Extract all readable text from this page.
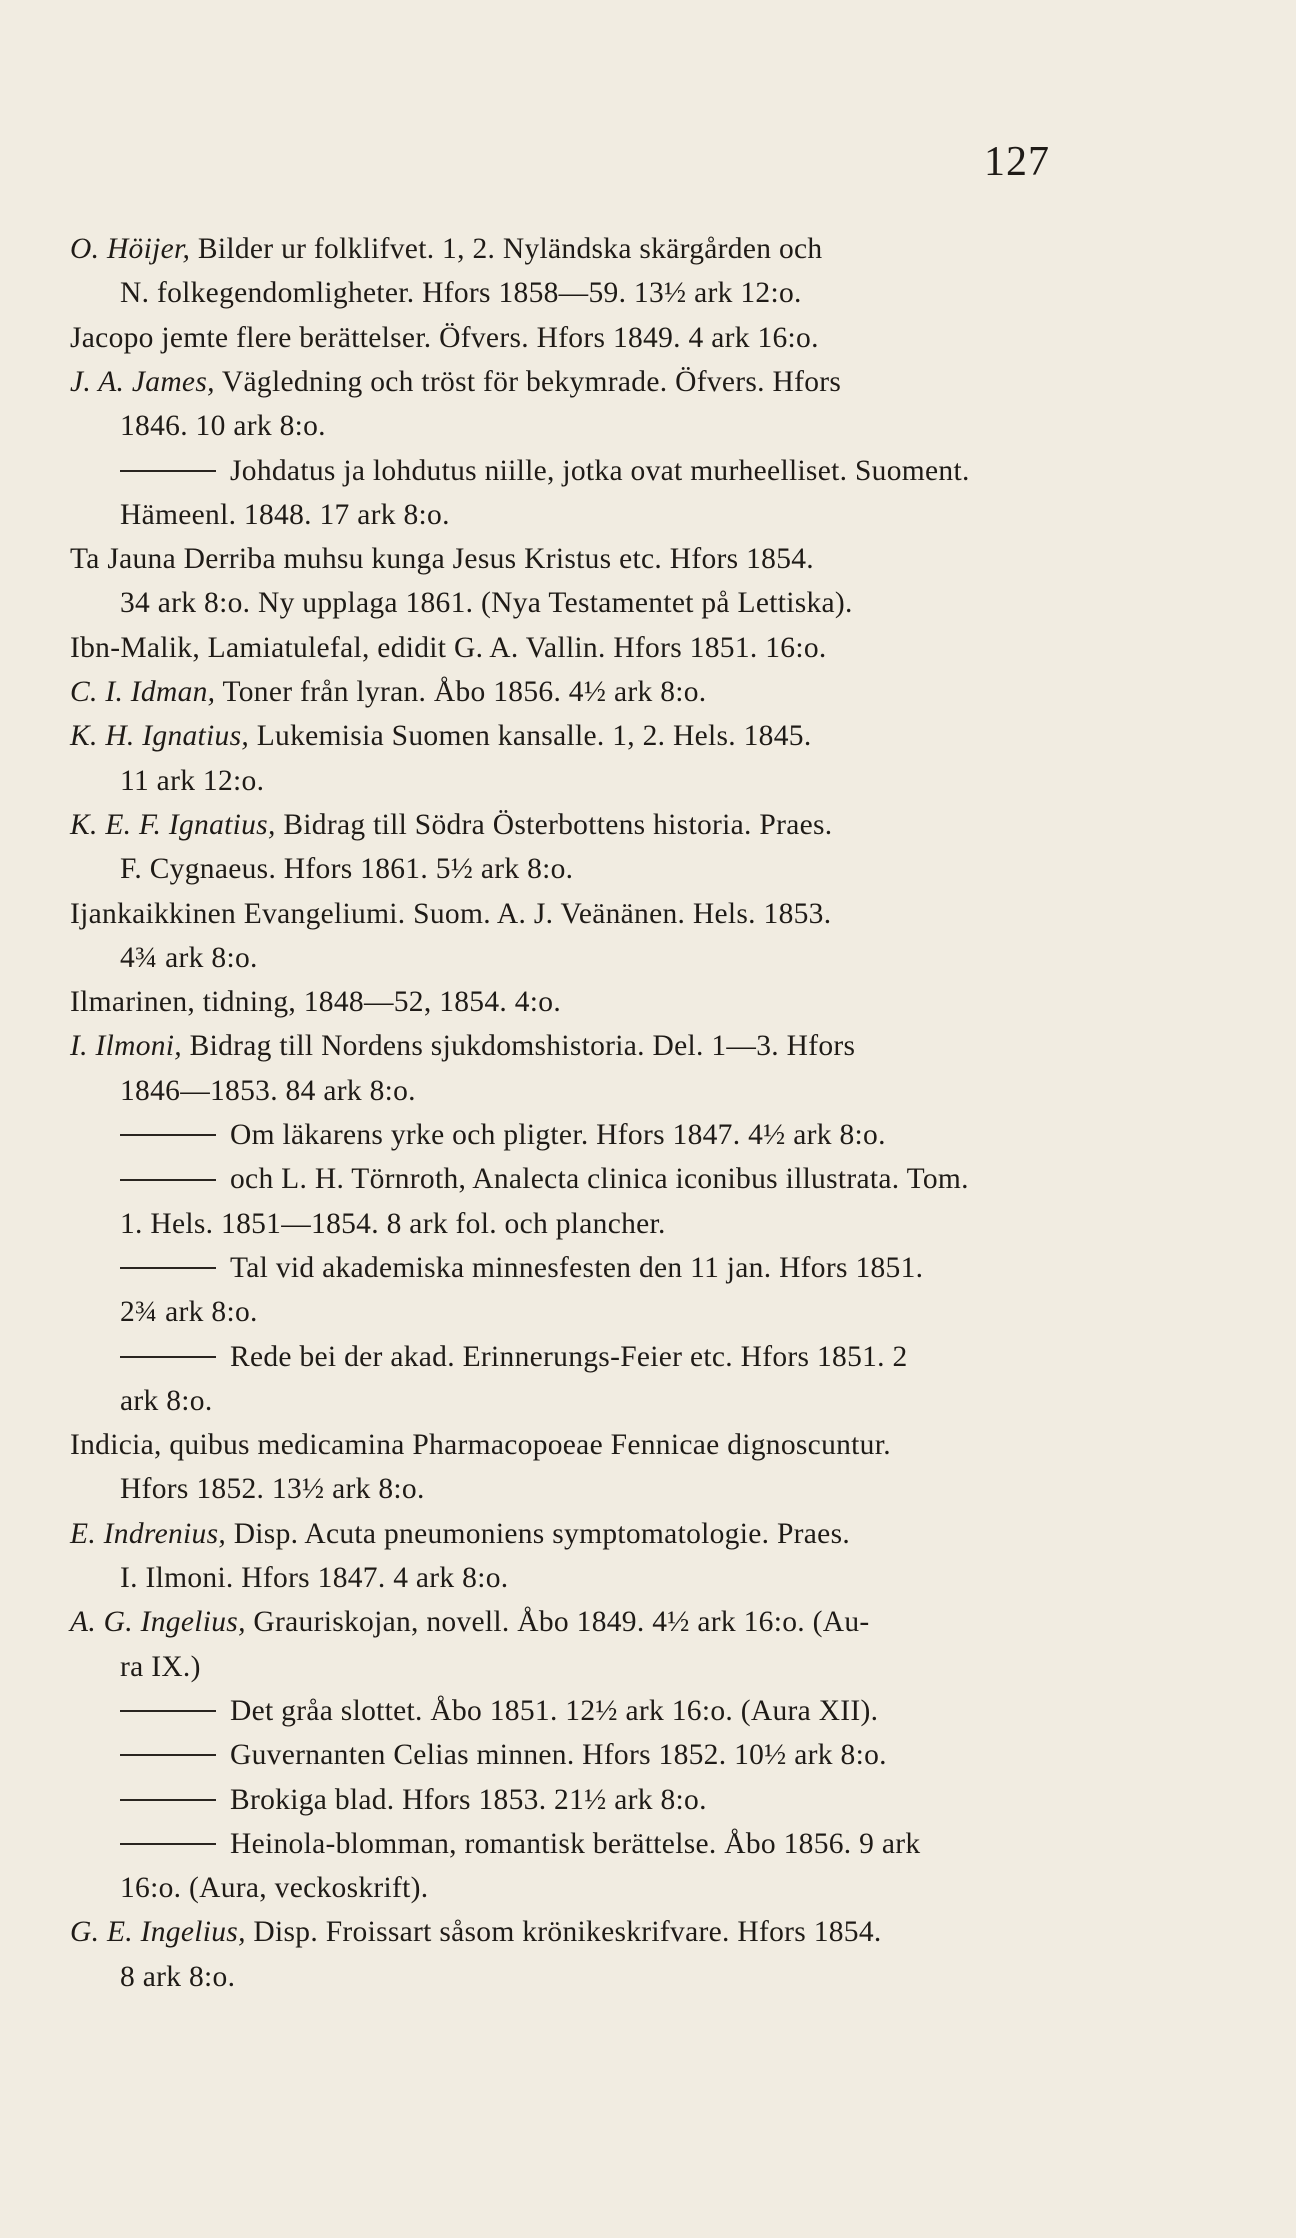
127
O. Höijer, Bilder ur folklifvet. 1, 2. Nyländska skärgården och
N. folkegendomligheter. Hfors 1858—59. 13½ ark 12:o.
Jacopo jemte flere berättelser. Öfvers. Hfors 1849. 4 ark 16:o.
J. A. James, Vägledning och tröst för bekymrade. Öfvers. Hfors
1846. 10 ark 8:o.
Johdatus ja lohdutus niille, jotka ovat murheelliset. Suoment.
Hämeenl. 1848. 17 ark 8:o.
Ta Jauna Derriba muhsu kunga Jesus Kristus etc. Hfors 1854.
34 ark 8:o. Ny upplaga 1861. (Nya Testamentet på Lettiska).
Ibn-Malik, Lamiatulefal, edidit G. A. Vallin. Hfors 1851. 16:o.
C. I. Idman, Toner från lyran. Åbo 1856. 4½ ark 8:o.
K. H. Ignatius, Lukemisia Suomen kansalle. 1, 2. Hels. 1845.
11 ark 12:o.
K. E. F. Ignatius, Bidrag till Södra Österbottens historia. Praes.
F. Cygnaeus. Hfors 1861. 5½ ark 8:o.
Ijankaikkinen Evangeliumi. Suom. A. J. Veänänen. Hels. 1853.
4¾ ark 8:o.
Ilmarinen, tidning, 1848—52, 1854. 4:o.
I. Ilmoni, Bidrag till Nordens sjukdomshistoria. Del. 1—3. Hfors
1846—1853. 84 ark 8:o.
Om läkarens yrke och pligter. Hfors 1847. 4½ ark 8:o.
och L. H. Törnroth, Analecta clinica iconibus illustrata. Tom.
1. Hels. 1851—1854. 8 ark fol. och plancher.
Tal vid akademiska minnesfesten den 11 jan. Hfors 1851.
2¾ ark 8:o.
Rede bei der akad. Erinnerungs-Feier etc. Hfors 1851. 2
ark 8:o.
Indicia, quibus medicamina Pharmacopoeae Fennicae dignoscuntur.
Hfors 1852. 13½ ark 8:o.
E. Indrenius, Disp. Acuta pneumoniens symptomatologie. Praes.
I. Ilmoni. Hfors 1847. 4 ark 8:o.
A. G. Ingelius, Grauriskojan, novell. Åbo 1849. 4½ ark 16:o. (Au-
ra IX.)
Det gråa slottet. Åbo 1851. 12½ ark 16:o. (Aura XII).
Guvernanten Celias minnen. Hfors 1852. 10½ ark 8:o.
Brokiga blad. Hfors 1853. 21½ ark 8:o.
Heinola-blomman, romantisk berättelse. Åbo 1856. 9 ark
16:o. (Aura, veckoskrift).
G. E. Ingelius, Disp. Froissart såsom krönikeskrifvare. Hfors 1854.
8 ark 8:o.
